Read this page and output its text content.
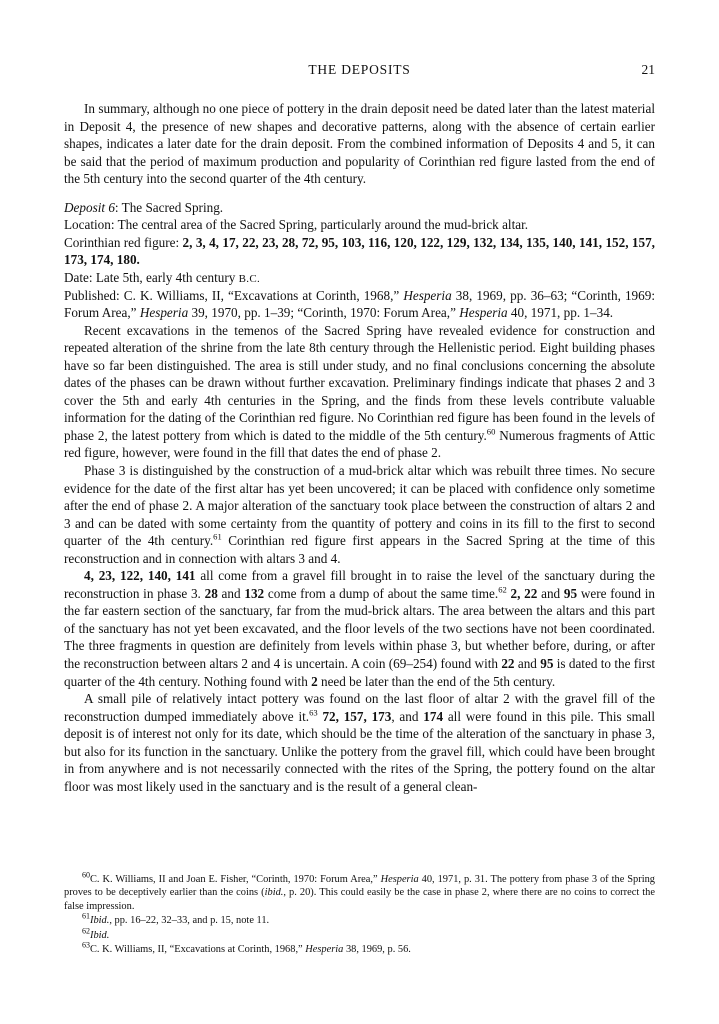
THE DEPOSITS	21

In summary, although no one piece of pottery in the drain deposit need be dated later than the latest material in Deposit 4, the presence of new shapes and decorative patterns, along with the absence of certain earlier shapes, indicates a later date for the drain deposit. From the combined information of Deposits 4 and 5, it can be said that the period of maximum production and popularity of Corinthian red figure lasted from the end of the 5th century into the second quarter of the 4th century.

Deposit 6: The Sacred Spring.

Location: The central area of the Sacred Spring, particularly around the mud-brick altar.

Corinthian red figure: 2, 3, 4, 17, 22, 23, 28, 72, 95, 103, 116, 120, 122, 129, 132, 134, 135, 140, 141, 152, 157, 173, 174, 180.

Date: Late 5th, early 4th century B.C.

Published: C. K. Williams, II, “Excavations at Corinth, 1968,” Hesperia 38, 1969, pp. 36–63; “Corinth, 1969: Forum Area,” Hesperia 39, 1970, pp. 1–39; “Corinth, 1970: Forum Area,” Hesperia 40, 1971, pp. 1–34.

Recent excavations in the temenos of the Sacred Spring have revealed evidence for construction and repeated alteration of the shrine from the late 8th century through the Hellenistic period. Eight building phases have so far been distinguished. The area is still under study, and no final conclusions concerning the absolute dates of the phases can be drawn without further excavation. Preliminary findings indicate that phases 2 and 3 cover the 5th and early 4th centuries in the Spring, and the finds from these levels contribute valuable information for the dating of the Corinthian red figure. No Corinthian red figure has been found in the levels of phase 2, the latest pottery from which is dated to the middle of the 5th century.$^{60}$ Numerous fragments of Attic red figure, however, were found in the fill that dates the end of phase 2.

Phase 3 is distinguished by the construction of a mud-brick altar which was rebuilt three times. No secure evidence for the date of the first altar has yet been uncovered; it can be placed with confidence only sometime after the end of phase 2. A major alteration of the sanctuary took place between the construction of altars 2 and 3 and can be dated with some certainty from the quantity of pottery and coins in its fill to the first to second quarter of the 4th century.$^{61}$ Corinthian red figure first appears in the Sacred Spring at the time of this reconstruction and in connection with altars 3 and 4.

4, 23, 122, 140, 141 all come from a gravel fill brought in to raise the level of the sanctuary during the reconstruction in phase 3. 28 and 132 come from a dump of about the same time.$^{62}$ 2, 22 and 95 were found in the far eastern section of the sanctuary, far from the mud-brick altars. The area between the altars and this part of the sanctuary has not yet been excavated, and the floor levels of the two sections have not been coordinated. The three fragments in question are definitely from levels within phase 3, but whether before, during, or after the reconstruction between altars 2 and 4 is uncertain. A coin (69–254) found with 22 and 95 is dated to the first quarter of the 4th century. Nothing found with 2 need be later than the end of the 5th century.

A small pile of relatively intact pottery was found on the last floor of altar 2 with the gravel fill of the reconstruction dumped immediately above it.$^{63}$ 72, 157, 173, and 174 all were found in this pile. This small deposit is of interest not only for its date, which should be the time of the alteration of the sanctuary in phase 3, but also for its function in the sanctuary. Unlike the pottery from the gravel fill, which could have been brought in from anywhere and is not necessarily connected with the rites of the Spring, the pottery found on the altar floor was most likely used in the sanctuary and is the result of a general clean-

$^{60}$C. K. Williams, II and Joan E. Fisher, “Corinth, 1970: Forum Area,” Hesperia 40, 1971, p. 31. The pottery from phase 3 of the Spring proves to be deceptively earlier than the coins (ibid., p. 20). This could easily be the case in phase 2, where there are no coins to correct the false impression.

$^{61}$Ibid., pp. 16–22, 32–33, and p. 15, note 11.

$^{62}$Ibid.

$^{63}$C. K. Williams, II, “Excavations at Corinth, 1968,” Hesperia 38, 1969, p. 56.
